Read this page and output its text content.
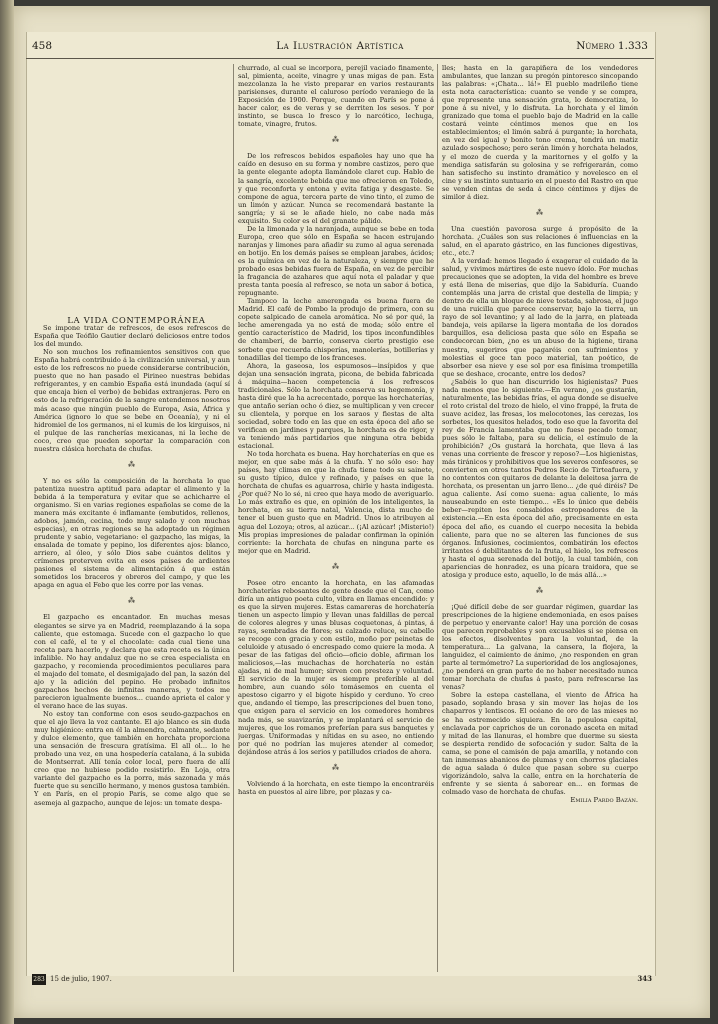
458	La Ilustración Artística	Número 1.333

LA VIDA CONTEMPORÁNEA

Se impone tratar de refrescos, de esos refrescos de España que Teófilo Gautier declaró deliciosos entre todos los del mundo.

No son muchos los refinamientos sensitivos con que España habrá contribuido á la civilización universal, y aun esto de los refrescos no puede considerarse contribución, puesto que no han pasado el Pirineo nuestras bebidas refrigerantes, y en cambio España está inundada (aquí sí que encaja bien el verbo) de bebidas extranjeras. Pero en esto de la refrigeración de la sangre entendemos nosotros más acaso que ningún pueblo de Europa, Asia, África y América (ignoro lo que se bebe en Oceanía), y ni el hidromiel de los germanos, ni el kumis de los kirguisos, ni el pulque de las rancherías mexicanas, ni la leche de coco, creo que pueden soportar la comparación con nuestra clásica horchata de chufas.

⁂

Y no es sólo la composición de la horchata lo que patentiza nuestra aptitud para adaptar el alimento y la bebida á la temperatura y evitar que se achicharre el organismo. Si en varias regiones españolas se come de la manera más excitante é inflamante (embutidos, rellenos, adobos, jamón, cecina, todo muy salado y con muchas especias), en otras regiones se ha adoptado un régimen prudente y sabio, vegetariano: el gazpacho, las migas, la ensalada de tomate y pepino, los diferentes ajos: blanco, arriero, al óleo, y sólo Dios sabe cuántos delitos y crímenes proterven evita en esos países de ardientes pasiones el sistema de alimentación á que están sometidos los braceros y obreros del campo, y que les apaga en agua el Febo que les corre por las venas.

⁂

El gazpacho es encantador. En muchas mesas elegantes se sirve ya en Madrid, reemplazando á la sopa caliente, que estomaga. Sucede con el gazpacho lo que con el café, el te y el chocolate: cada cual tiene una receta para hacerlo, y declara que esta receta es la única infalible. No hay andaluz que no se crea especialista en gazpacho, y recomienda procedimientos peculiares para el majado del tomate, el desmigajado del pan, la sazón del ajo y la adición del pepino. He probado infinitos gazpachos hechos de infinitas maneras, y todos me parecieron igualmente buenos... cuando aprieta el calor y el verano hace de las suyas.

No estoy tan conforme con esos seudo-gazpachos en que el ajo lleva la voz cantante. El ajo blanco es sin duda muy higiénico: entra en él la almendra, calmante, sedante y dulce elemento, que también en horchata proporciona una sensación de frescura gratísima. El all ol... lo he probado una vez, en una hospedería catalana, á la subida de Montserrat. Allí tenía color local, pero fuera de allí creo que no hubiese podido resistirlo. En Loja, otra variante del gazpacho es la porra, más sazonada y más fuerte que su sencillo hermano, y menos gustosa también. Y en París, en el propio París, se come algo que se asemeja al gazpacho, aunque de lejos: un tomate despa-

churrado, al cual se incorpora, perejil vaciado finamente, sal, pimienta, aceite, vinagre y unas migas de pan. Esta mezcolanza la he visto preparar en varios restaurants parisienses, durante el caluroso período veraniego de la Exposición de 1900. Porque, cuando en París se pone á hacer calor, es de veras y se derriten los sesos. Y por instinto, se busca lo fresco y lo narcótico, lechuga, tomate, vinagre, frutos.

⁂

De los refrescos bebidos españoles hay uno que ha caído en desuso en su forma y nombre castizos, pero que la gente elegante adopta llamándole claret cup. Hablo de la sangría, excelente bebida que me ofrecieron en Toledo, y que reconforta y entona y evita fatiga y desgaste. Se compone de agua, tercera parte de vino tinto, el zumo de un limón y azúcar. Nunca se recomendará bastante la sangría; y si se le añade hielo, no cabe nada más exquisito. Su color es el del granate pálido.

De la limonada y la naranjada, aunque se bebe en toda Europa, creo que sólo en España se hacen estrujando naranjas y limones para añadir su zumo al agua serenada en botijo. En los demás países se emplean jarabes, ácidos; es la química en vez de la naturaleza, y siempre que he probado esas bebidas fuera de España, en vez de percibir la fragancia de azahares que aquí nota el paladar y que presta tanta poesía al refresco, se nota un sabor á botica, repugnante.

Tampoco la leche amerengada es buena fuera de Madrid. El café de Pombo la produjo de primera, con su copete salpicado de canela aromática. No sé por qué, la leche amerengada ya no está de moda; sólo entre el gentío característico de Madrid, los tipos inconfundibles de chamberí, de barrio, conserva cierto prestigio ese sorbete que recuerda chisperías, manolerías, botillerías y tonadillas del tiempo de los franceses.

Ahora, la gaseosa, los espumosos—insípidos y que dejan una sensación ingrata, picona, de bebida fabricada á máquina—hacen competencia á los refrescos tradicionales. Sólo la horchata conserva su hegemonía, y hasta diré que la ha acrecentado, porque las horchaterías, que antaño serían ocho ó diez, se multiplican y ven crecer su clientela, y porque en los saraos y fiestas de alta sociedad, sobre todo en las que en esta época del año se verifican en jardines y parques, la horchata es de rigor, y va teniendo más partidarios que ninguna otra bebida estacional.

No toda horchata es buena. Hay horchaterías en que es mejor, en que sabe más á la chufa. Y no sólo eso: hay países, hay climas en que la chufa tiene todo su sainete, su gusto típico, dulce y refinado, y países en que la horchata de chufas es aguarrosa, chirle y hasta indigesta. ¿Por qué? No lo sé, ni creo que haya modo de averiguarlo. Lo más extraño es que, en opinión de los inteligentes, la horchata, en su tierra natal, Valencia, dista mucho de tener el buen gusto que en Madrid. Unos lo atribuyen al agua del Lozoya; otros, al azúcar... (¡Al azúcar! ¡Misterio!) Mis propias impresiones de paladar confirman la opinión corriente: la horchata de chufas en ninguna parte es mejor que en Madrid.

⁂

Posee otro encanto la horchata, en las afamadas horchaterías rebosantes de gente desde que el Can, como diría un antiguo poeta culto, vibra en llamas encendido: y es que la sirven mujeres. Estas camareras de horchatería tienen un aspecto limpio y llevan unas faldillas de percal de colores alegres y unas blusas coquetonas, á pintas, á rayas, sembradas de flores; su calzado reluce, su cabello se recoge con gracia y con estilo, moño por peinetas de celuloide y atusado ó encrespado como quiere la moda. A pesar de las fatigas del oficio—oficio doble, afirman los maliciosos,—las muchachas de horchatería no están ajadas, ni de mal humor; sirven con presteza y voluntad. El servicio de la mujer es siempre preferible al del hombre, aun cuando sólo tomásemos en cuenta el apestoso cigarro y el bigote híspido y cerduno. Yo creo que, andando el tiempo, las prescripciones del buen tono, que exigen para el servicio en los comedores hombres nada más, se suavizarán, y se implantará el servicio de mujeres, que los romanos preferían para sus banquetes y juergas. Uniformadas y nítidas en su aseo, no entiendo por qué no podrían las mujeres atender al comedor, dejándose atrás á los serios y patilludos criados de ahora.

⁂

Volviendo á la horchata, en este tiempo la encontraréis hasta en puestos al aire libre, por plazas y ca-

lles; hasta en la garapiñera de los vendedores ambulantes, que lanzan su pregón pintoresco sincopando las palabras: «¡Chata... lá!» El pueblo madrileño tiene esta nota característica: cuanto se vende y se compra, que represente una sensación grata, lo democratiza, lo pone á su nivel, y lo disfruta. La horchata y el limón granizado que toma el pueblo bajo de Madrid en la calle costará veinte céntimos menos que en los establecimientos; el limón sabrá á purgante; la horchata, en vez del igual y bonito tono crema, tendrá un matiz azulado sospechoso; pero serán limón y horchata helados, y el mozo de cuerda y la maritornes y el golfo y la mendiga satisfarán su golosina y se refrigerarán, como han satisfecho su instinto dramático y novelesco en el cine y su instinto suntuario en el puesto del Rastro en que se venden cintas de seda á cinco céntimos y dijes de similor á diez.

⁂

Una cuestión pavorosa surge á propósito de la horchata. ¿Cuáles son sus relaciones é influencias en la salud, en el aparato gástrico, en las funciones digestivas, etc., etc.?

A la verdad: hemos llegado á exagerar el cuidado de la salud, y vivimos mártires de este nuevo ídolo. For muchas precauciones que se adopten, la vida del hombre es breve y está llena de miserias, que dijo la Sabiduría. Cuando contemplás una jarra de cristal que destella de limpia; y dentro de ella un bloque de nieve tostada, sabrosa, el jugo de una ruicilla que parece conservar, bajo la tierra, un rayo de sol levantino; y al lado de la jarra, en plateada bandeja, veis apilarse la ligera montaña de los dorados barquillos, esa deliciosa pasta que sólo en España se condecorcan bien, ¿no es un abuso de la higiene, tirana nuestra, sugeriros que pagaréis con sufrimientos y molestias el goce tan poco material, tan poético, de absorber esa nieve y ese sol por esa finísima trompetilla que se deshace, crocante, entre los dedos?

¿Sabéis lo que han discurrido los higienistas? Pues nada menos que lo siguiente.—En verano, ¿os gustarán, naturalmente, las bebidas frías, el agua donde se disuelve el roto cristal del trozo de hielo, el vino frappé, la fruta de suave acidez, las fresas, los melocotones, las cerezas, los sorbetes, los quesitos helados, todo eso que la favorita del rey de Francia lamentaba que no fuese pecado tomar, pues sólo le faltaba, para su delicia, el estímulo de la prohibición? ¿Os gustará la horchata, que lleva á las venas una corriente de frescor y reposo?—Los higienistas, más tiránicos y prohibitivos que los severos confesores, se convierten en otros tantos Pedros Recio de Tirteafuera, y no contentos con quitaros de delante la deleitosa jarra de horchata, os presentan un jarro lleno... ¿de qué diréis? De agua caliente. Así como suena: agua caliente, lo más nauseabundo en este tiempo... «Es lo único que debéis beber—repiten los consabidos estropeadores de la existencia.—En esta época del año, precisamente en esta época del año, es cuando el cuerpo necesita la bebida caliente, para que no se alteren las funciones de sus órganos. Infusiones, cocimientos, combatirán los efectos irritantes ó debilitantes de la fruta, el hielo, los refrescos y hasta el agua serenada del botijo, la cual también, con apariencias de honradez, es una pícara traidora, que se atosiga y produce esto, aquello, lo de más allá...»

⁂

¡Qué difícil debe de ser guardar régimen, guardar las prescripciones de la higiene endemoniada, en esos países de perpetuo y enervante calor! Hay una porción de cosas que parecen reprobables y son excusables si se piensa en los efectos, disolventes para la voluntad, de la temperatura... La galvana, la cansera, la flojera, la languidez, el caimiento de ánimo, ¿no responden en gran parte al termómetro? La superioridad de los anglosajones, ¿no penderá en gran parte de no haber necesitado nunca tomar horchata de chufas á pasto, para refrescarse las venas?

Sobre la estepa castellana, el viento de África ha pasado, soplando brasa y sin mover las hojas de los chaparros y lentiscos. El océano de oro de las mieses no se ha estremecido siquiera. En la populosa capital, enclavada por caprichos de un coronado asceta en mitad y mitad de las llanuras, el hombre que duerme su siesta se despierta rendido de sofocación y sudor. Salta de la cama, se pone el camisón de paja amarilla, y notando con tan inmensas abanicos de plumas y con chorros glaciales de agua salada ó dulce que pasan sobre su cuerpo vigorizándolo, salva la calle, entra en la horchatería de enfrente y se sienta á saborear en... en formas de colmado vaso de horchata de chufas.

Emilia Pardo Bazán.

283 15 de julio, 1907.	343
